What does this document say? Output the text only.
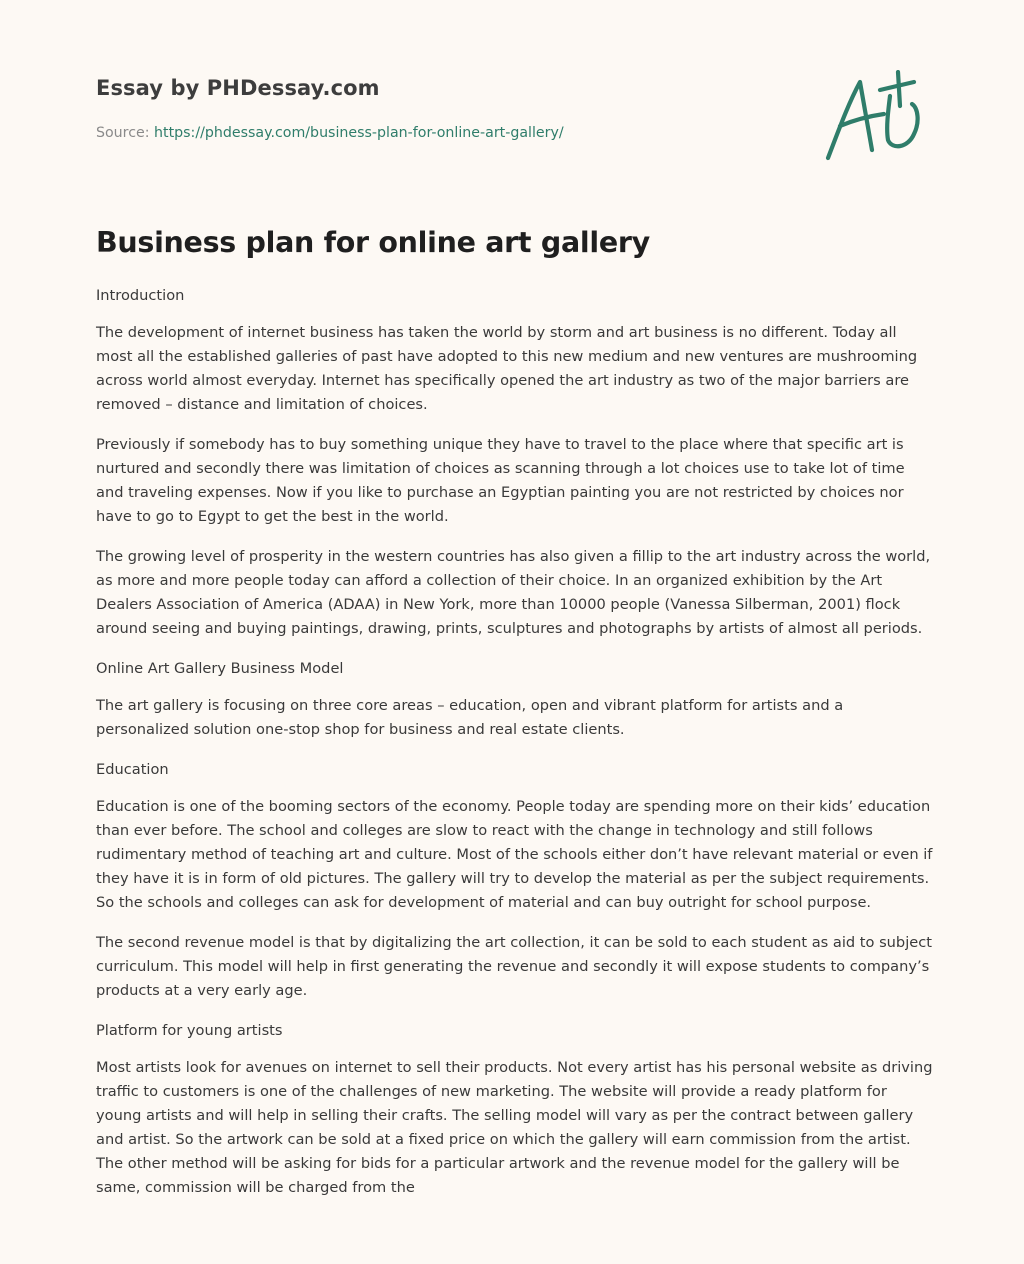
Essay by PHDessay.com
Source: https://phdessay.com/business-plan-for-online-art-gallery/
Business plan for online art gallery

Introduction

The development of internet business has taken the world by storm and art business is no different. Today all most all the established galleries of past have adopted to this new medium and new ventures are mushrooming across world almost everyday. Internet has specifically opened the art industry as two of the major barriers are removed – distance and limitation of choices.

Previously if somebody has to buy something unique they have to travel to the place where that specific art is nurtured and secondly there was limitation of choices as scanning through a lot choices use to take lot of time and traveling expenses. Now if you like to purchase an Egyptian painting you are not restricted by choices nor have to go to Egypt to get the best in the world.

The growing level of prosperity in the western countries has also given a fillip to the art industry across the world, as more and more people today can afford a collection of their choice. In an organized exhibition by the Art Dealers Association of America (ADAA) in New York, more than 10000 people (Vanessa Silberman, 2001) flock around seeing and buying paintings, drawing, prints, sculptures and photographs by artists of almost all periods.

Online Art Gallery Business Model

The art gallery is focusing on three core areas – education, open and vibrant platform for artists and a personalized solution one-stop shop for business and real estate clients.

Education

Education is one of the booming sectors of the economy. People today are spending more on their kids’ education than ever before. The school and colleges are slow to react with the change in technology and still follows rudimentary method of teaching art and culture. Most of the schools either don’t have relevant material or even if they have it is in form of old pictures. The gallery will try to develop the material as per the subject requirements. So the schools and colleges can ask for development of material and can buy outright for school purpose.

The second revenue model is that by digitalizing the art collection, it can be sold to each student as aid to subject curriculum. This model will help in first generating the revenue and secondly it will expose students to company’s products at a very early age.

Platform for young artists

Most artists look for avenues on internet to sell their products. Not every artist has his personal website as driving traffic to customers is one of the challenges of new marketing. The website will provide a ready platform for young artists and will help in selling their crafts. The selling model will vary as per the contract between gallery and artist. So the artwork can be sold at a fixed price on which the gallery will earn commission from the artist. The other method will be asking for bids for a particular artwork and the revenue model for the gallery will be same, commission will be charged from the
